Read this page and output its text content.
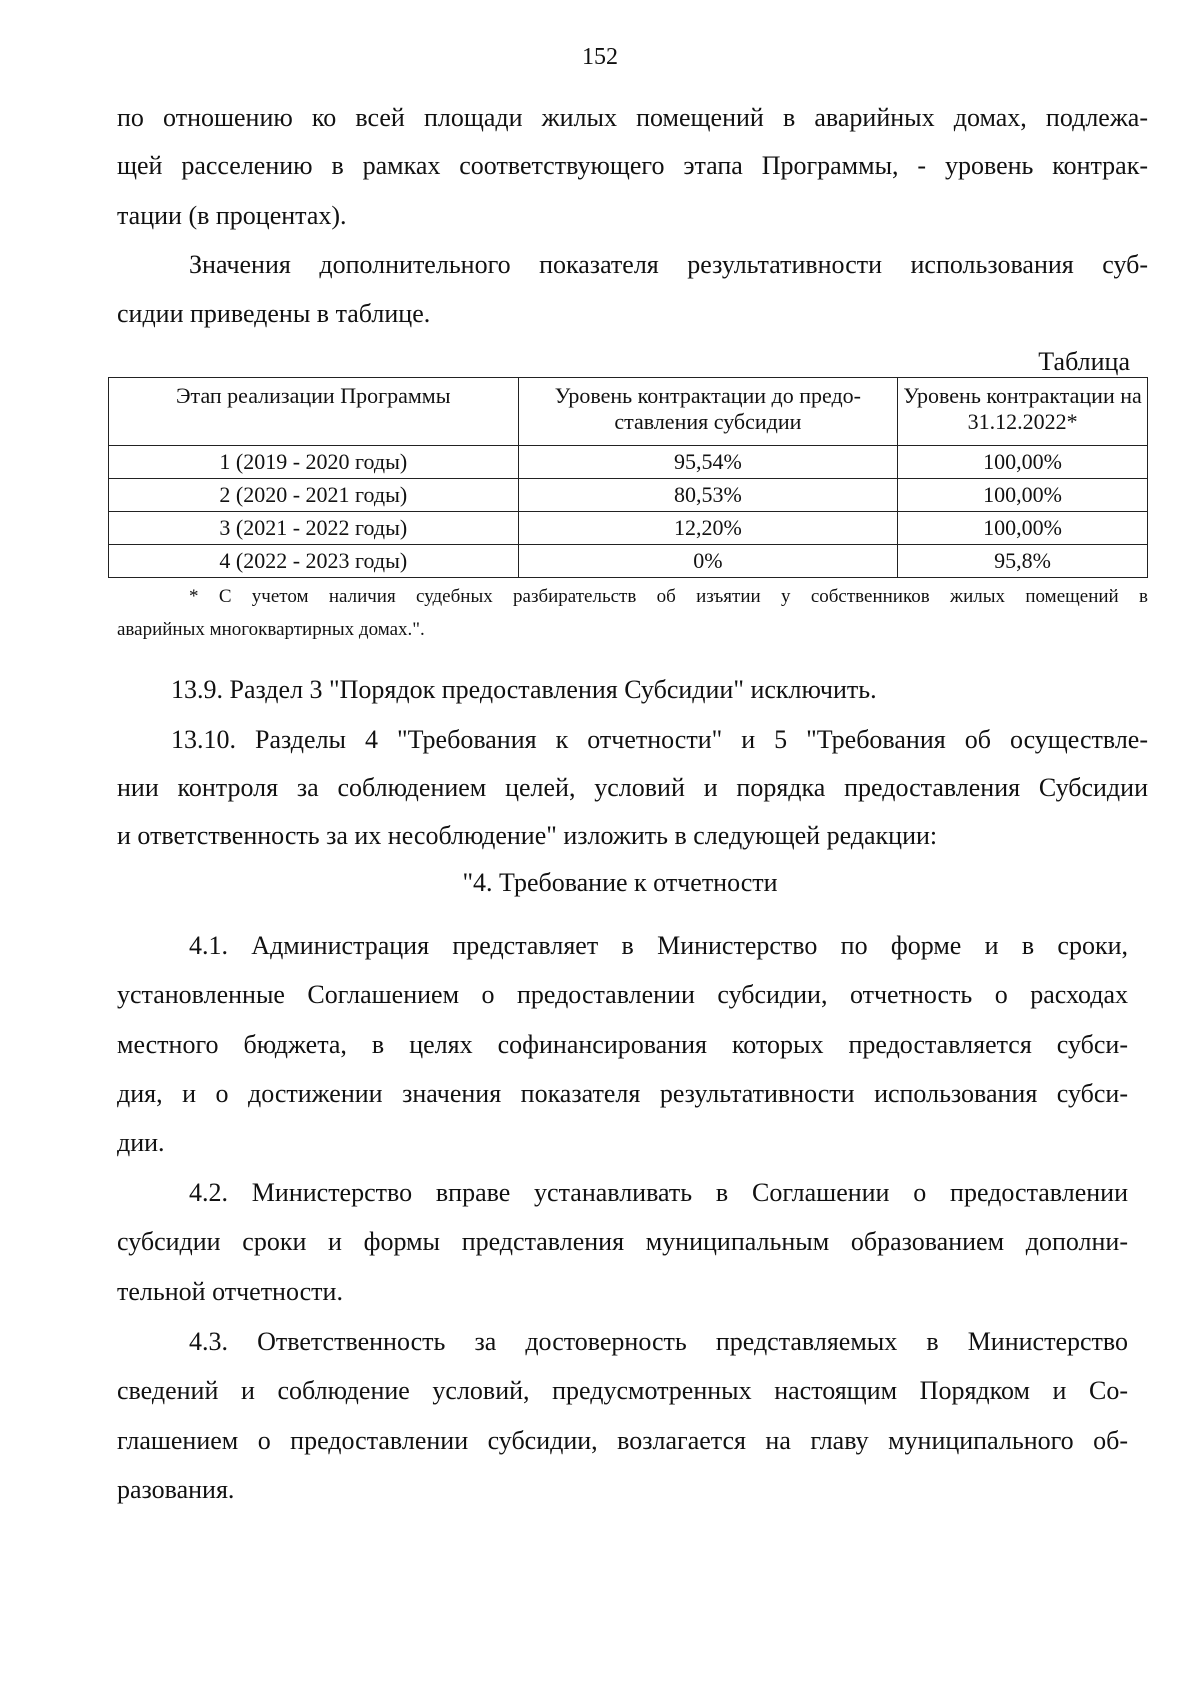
152
по отношению ко всей площади жилых помещений в аварийных домах, подлежа-
щей расселению в рамках соответствующего этапа Программы, - уровень контрак-
тации (в процентах).
Значения дополнительного показателя результативности использования суб-
сидии приведены в таблице.
Таблица
Этап реализации Программы	Уровень контрактации до предо-ставления субсидии	Уровень контрактации на 31.12.2022*
1 (2019 - 2020 годы)	95,54%	100,00%
2 (2020 - 2021 годы)	80,53%	100,00%
3 (2021 - 2022 годы)	12,20%	100,00%
4 (2022 - 2023 годы)	0%	95,8%
* С учетом наличия судебных разбирательств об изъятии у собственников жилых помещений в
аварийных многоквартирных домах.".
13.9. Раздел 3 "Порядок предоставления Субсидии" исключить.
13.10. Разделы 4 "Требования к отчетности" и 5 "Требования об осуществле-
нии контроля за соблюдением целей, условий и порядка предоставления Субсидии
и ответственность за их несоблюдение" изложить в следующей редакции:
"4. Требование к отчетности
4.1. Администрация представляет в Министерство по форме и в сроки,
установленные Соглашением о предоставлении субсидии, отчетность о расходах
местного бюджета, в целях софинансирования которых предоставляется субси-
дия, и о достижении значения показателя результативности использования субси-
дии.
4.2. Министерство вправе устанавливать в Соглашении о предоставлении
субсидии сроки и формы представления муниципальным образованием дополни-
тельной отчетности.
4.3. Ответственность за достоверность представляемых в Министерство
сведений и соблюдение условий, предусмотренных настоящим Порядком и Со-
глашением о предоставлении субсидии, возлагается на главу муниципального об-
разования.
